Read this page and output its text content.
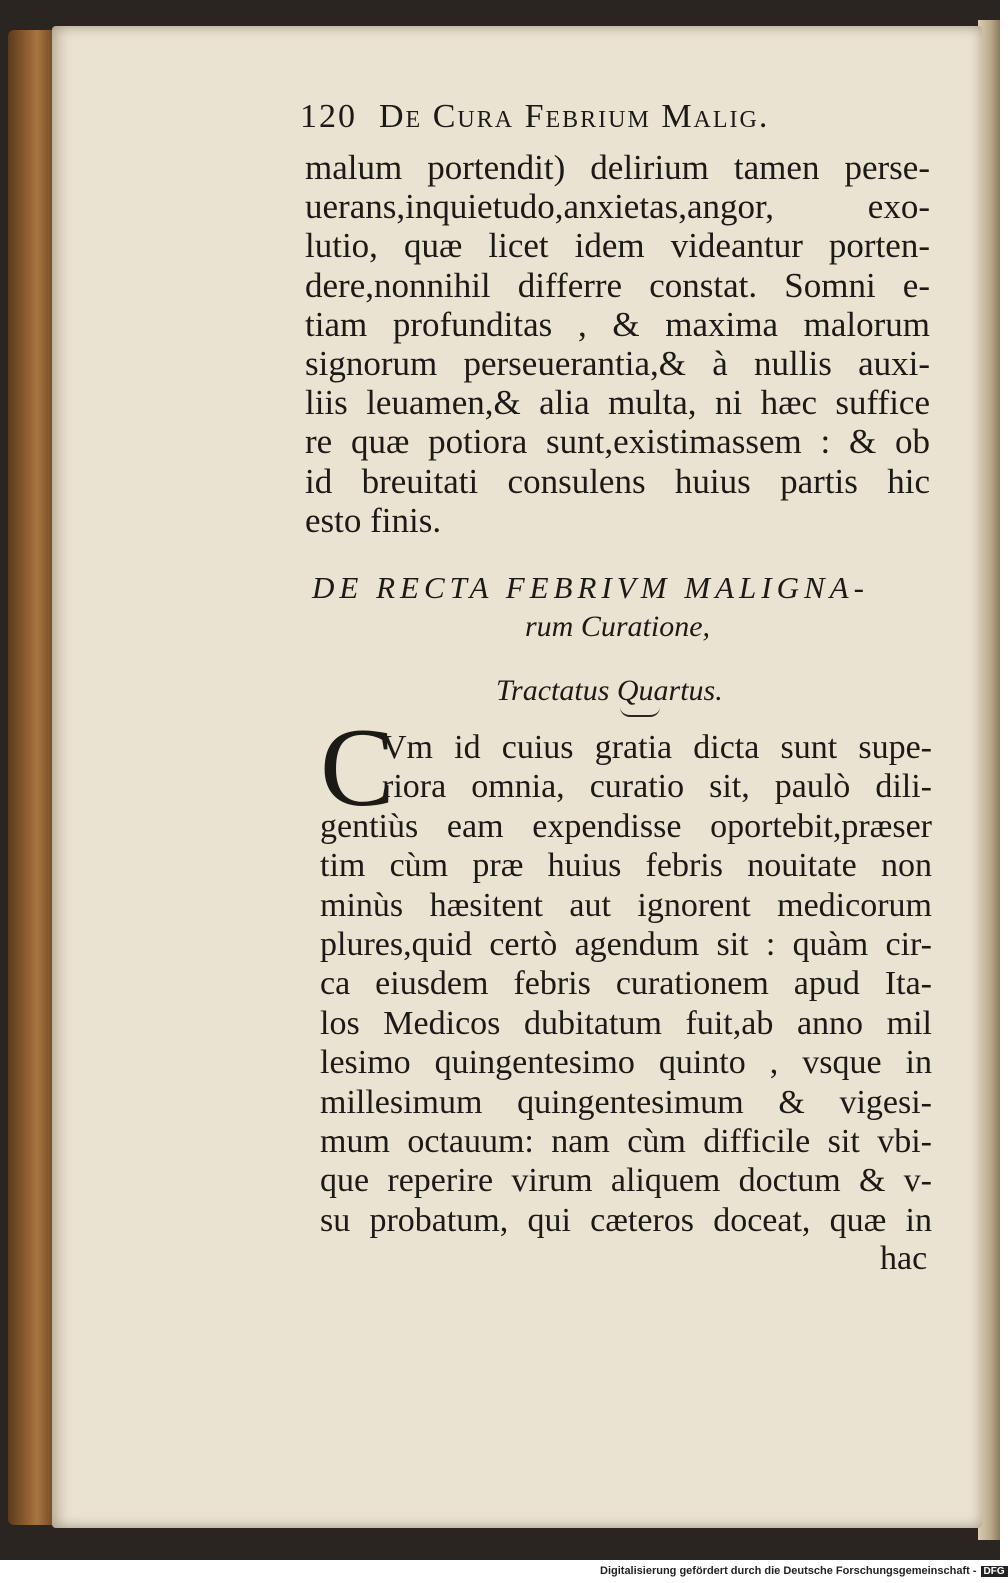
120 De Cura Febrium Malig.
malum portendit) delirium tamen perse-
uerans,inquietudo,anxietas,angor, exo-
lutio, quæ licet idem videantur porten-
dere,nonnihil differre constat. Somni e-
tiam profunditas , & maxima malorum
signorum perseuerantia,& à nullis auxi-
liis leuamen,& alia multa, ni hæc suffice
re quæ potiora sunt,existimassem : & ob
id breuitati consulens huius partis hic
esto finis.
DE RECTA FEBRIVM MALIGNA-
rum Curatione,
Tractatus Quartus.
C
Vm id cuius gratia dicta sunt supe-
riora omnia, curatio sit, paulò dili-
gentiùs eam expendisse oportebit,præser
tim cùm præ huius febris nouitate non
minùs hæsitent aut ignorent medicorum
plures,quid certò agendum sit : quàm cir-
ca eiusdem febris curationem apud Ita-
los Medicos dubitatum fuit,ab anno mil
lesimo quingentesimo quinto , vsque in
millesimum quingentesimum & vigesi-
mum octauum: nam cùm difficile sit vbi-
que reperire virum aliquem doctum & v-
su probatum, qui cæteros doceat, quæ in
hac
Digitalisierung gefördert durch die Deutsche Forschungsgemeinschaft - DFG
